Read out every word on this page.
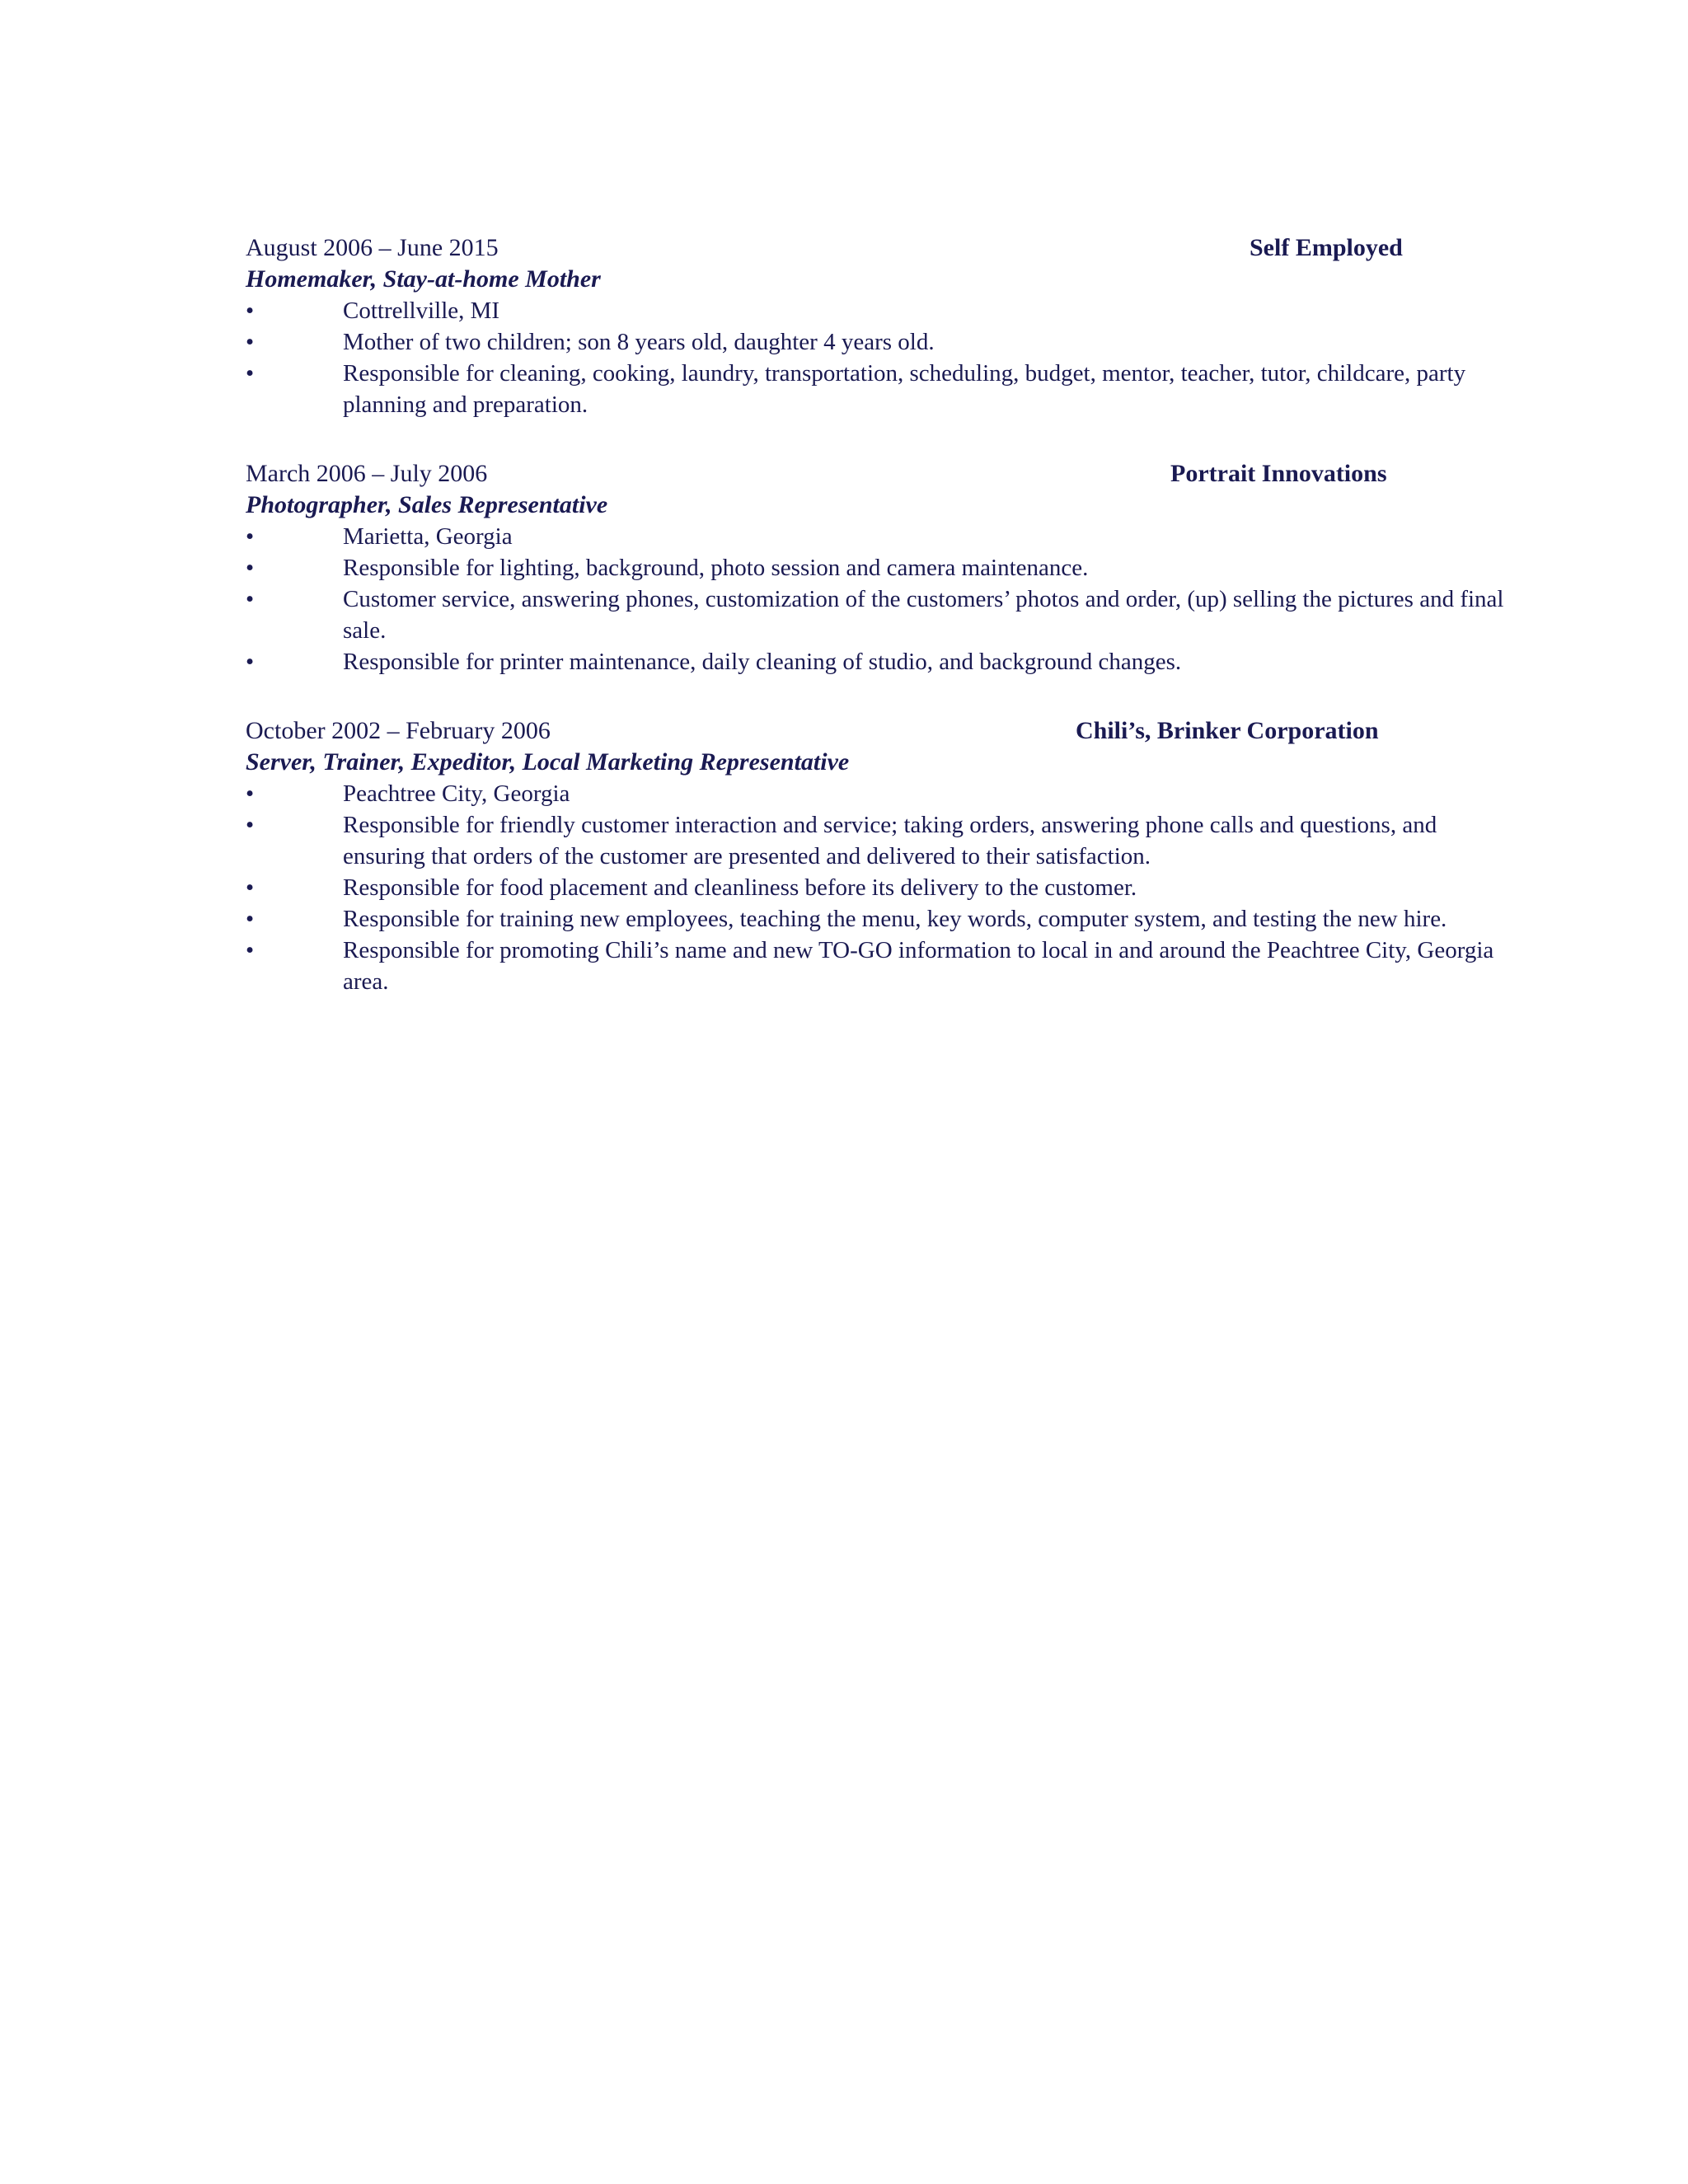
August 2006 – June 2015	Self Employed
Homemaker, Stay-at-home Mother
•	Cottrellville, MI
•	Mother of two children; son 8 years old, daughter 4 years old.
•	Responsible for cleaning, cooking, laundry, transportation, scheduling, budget, mentor, teacher, tutor, childcare, party planning and preparation.
March 2006 – July 2006	Portrait Innovations
Photographer, Sales Representative
•	Marietta, Georgia
•	Responsible for lighting, background, photo session and camera maintenance.
•	Customer service, answering phones, customization of the customers’ photos and order, (up) selling the pictures and final sale.
•	Responsible for printer maintenance, daily cleaning of studio, and background changes.
October 2002 – February 2006	Chili’s, Brinker Corporation
Server, Trainer, Expeditor, Local Marketing Representative
•	Peachtree City, Georgia
•	Responsible for friendly customer interaction and service; taking orders, answering phone calls and questions, and ensuring that orders of the customer are presented and delivered to their satisfaction.
•	Responsible for food placement and cleanliness before its delivery to the customer.
•	Responsible for training new employees, teaching the menu, key words, computer system, and testing the new hire.
•	Responsible for promoting Chili’s name and new TO-GO information to local in and around the Peachtree City, Georgia area.
